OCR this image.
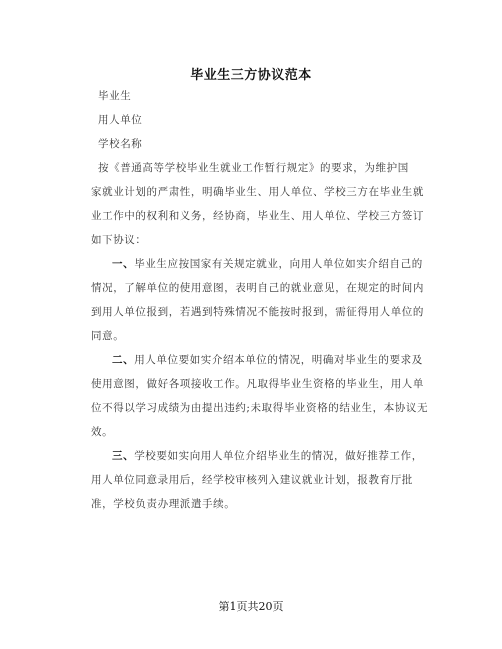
毕业生三方协议范本
毕业生
用人单位
学校名称
按《普通高等学校毕业生就业工作暂行规定》的要求，为维护国
家就业计划的严肃性，明确毕业生、用人单位、学校三方在毕业生就
业工作中的权利和义务，经协商，毕业生、用人单位、学校三方签订
如下协议：
一、毕业生应按国家有关规定就业，向用人单位如实介绍自己的
情况，了解单位的使用意图，表明自己的就业意见，在规定的时间内
到用人单位报到，若遇到特殊情况不能按时报到，需征得用人单位的
同意。
二、用人单位要如实介绍本单位的情况，明确对毕业生的要求及
使用意图，做好各项接收工作。凡取得毕业生资格的毕业生，用人单
位不得以学习成绩为由提出违约;未取得毕业资格的结业生，本协议无
效。
三、学校要如实向用人单位介绍毕业生的情况，做好推荐工作，
用人单位同意录用后，经学校审核列入建议就业计划，报教育厅批
准，学校负责办理派遣手续。
第1页共20页
